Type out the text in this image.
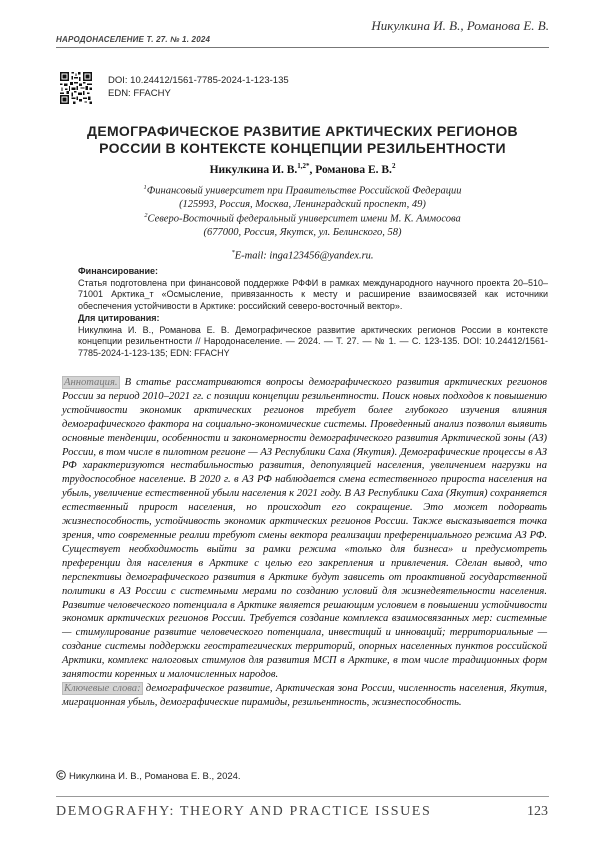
НАРОДОНАСЕЛЕНИЕ Т. 27. № 1. 2024
Никулкина И. В., Романова Е. В.
DOI: 10.24412/1561-7785-2024-1-123-135
EDN: FFACHY
ДЕМОГРАФИЧЕСКОЕ РАЗВИТИЕ АРКТИЧЕСКИХ РЕГИОНОВ
РОССИИ В КОНТЕКСТЕ КОНЦЕПЦИИ РЕЗИЛЬЕНТНОСТИ
Никулкина И. В.$^{1,2*}$, Романова Е. В.$^2$
$^1$Финансовый университет при Правительстве Российской Федерации
(125993, Россия, Москва, Ленинградский проспект, 49)
$^2$Северо-Восточный федеральный университет имени М. К. Аммосова
(677000, Россия, Якутск, ул. Белинского, 58)
*E-mail: inga123456@yandex.ru.
Финансирование:
Статья подготовлена при финансовой поддержке РФФИ в рамках международного научного проекта 20–510–71001 Арктика_т «Осмысление, привязанность к месту и расширение взаимосвязей как источники обеспечения устойчивости в Арктике: российский северо-восточный вектор».
Для цитирования:
Никулкина И. В., Романова Е. В. Демографическое развитие арктических регионов России в контексте концепции резильентности // Народонаселение. — 2024. — Т. 27. — № 1. — С. 123-135. DOI: 10.24412/1561-7785-2024-1-123-135; EDN: FFACHY
Аннотация. В статье рассматриваются вопросы демографического развития арктических регионов России за период 2010–2021 гг. с позиции концепции резильентности. Поиск новых подходов к повышению устойчивости экономик арктических регионов требует более глубокого изучения влияния демографического фактора на социально-экономические системы. Проведенный анализ позволил выявить основные тенденции, особенности и закономерности демографического развития Арктической зоны (АЗ) России, в том числе в пилотном регионе — АЗ Республики Саха (Якутия). Демографические процессы в АЗ РФ характеризуются нестабильностью развития, депопуляцией населения, увеличением нагрузки на трудоспособное население. В 2020 г. в АЗ РФ наблюдается смена естественного прироста населения на убыль, увеличение естественной убыли населения к 2021 году. В АЗ Республики Саха (Якутия) сохраняется естественный прирост населения, но происходит его сокращение. Это может подорвать жизнеспособность, устойчивость экономик арктических регионов России. Также высказывается точка зрения, что современные реалии требуют смены вектора реализации преференциального режима АЗ РФ. Существует необходимость выйти за рамки режима «только для бизнеса» и предусмотреть преференции для населения в Арктике с целью его закрепления и привлечения. Сделан вывод, что перспективы демографического развития в Арктике будут зависеть от проактивной государственной политики в АЗ России с системными мерами по созданию условий для жизнедеятельности населения. Развитие человеческого потенциала в Арктике является решающим условием в повышении устойчивости экономик арктических регионов России. Требуется создание комплекса взаимосвязанных мер: системные — стимулирование развитие человеческого потенциала, инвестиций и инноваций; территориальные — создание системы поддержки геостратегических территорий, опорных населенных пунктов российской Арктики, комплекс налоговых стимулов для развития МСП в Арктике, в том числе традиционных форм занятости коренных и малочисленных народов.
Ключевые слова: демографическое развитие, Арктическая зона России, численность населения, Якутия, миграционная убыль, демографические пирамиды, резильентность, жизнеспособность.
Никулкина И. В., Романова Е. В., 2024.
DEMOGRAFHY: THEORY AND PRACTICE ISSUES	123
